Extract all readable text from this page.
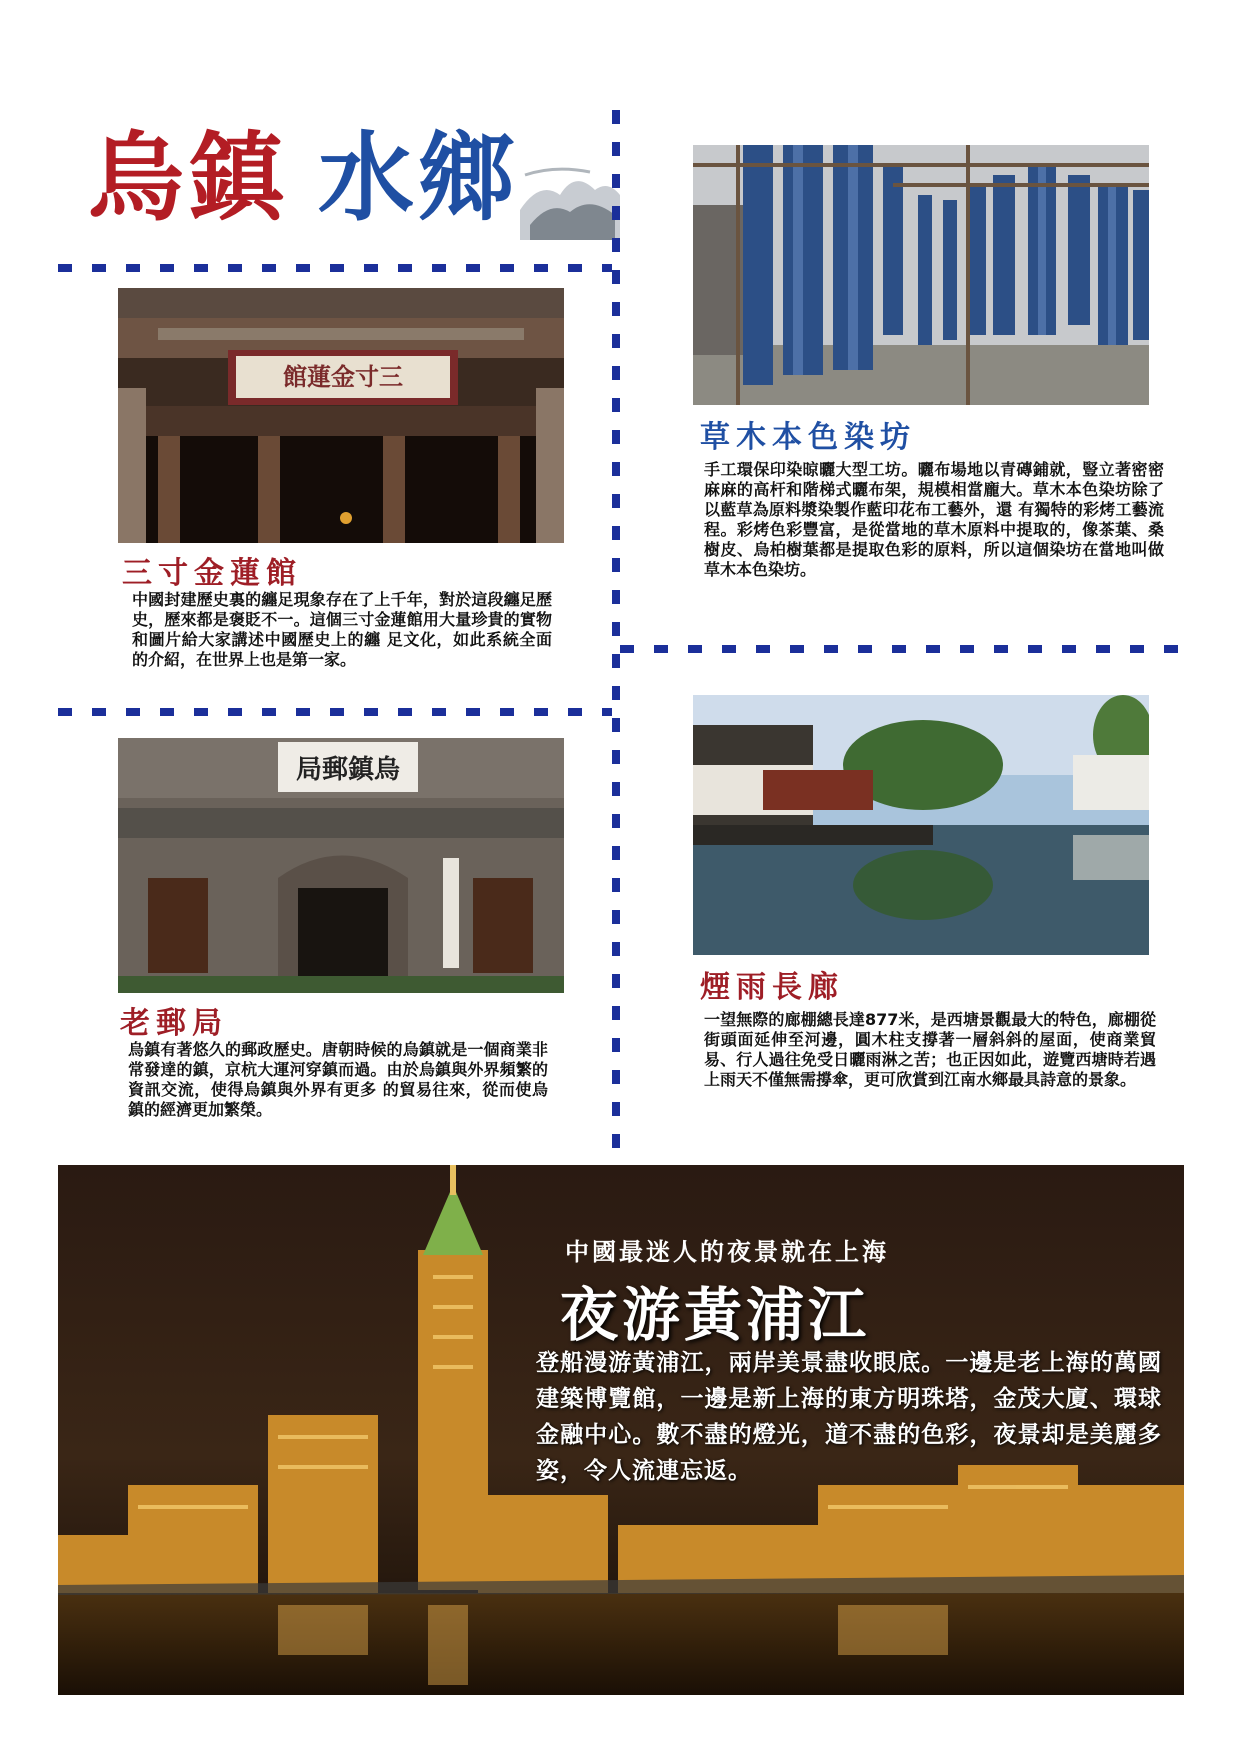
烏鎮 水鄉
館蓮金寸三
三寸金蓮館
中國封建歷史裏的纏足現象存在了上千年，對於這段纏足歷史，歷來都是褒貶不一。這個三寸金蓮館用大量珍貴的實物和圖片給大家講述中國歷史上的纏 足文化，如此系統全面的介紹，在世界上也是第一家。
草木本色染坊
手工環保印染晾曬大型工坊。曬布場地以青磚鋪就，豎立著密密麻麻的高杆和階梯式曬布架，規模相當龐大。草木本色染坊除了以藍草為原料漿染製作藍印花布工藝外，還 有獨特的彩烤工藝流程。彩烤色彩豐富，是從當地的草木原料中提取的，像茶葉、桑樹皮、烏柏樹葉都是提取色彩的原料，所以這個染坊在當地叫做草木本色染坊。
局郵鎮烏
老郵局
烏鎮有著悠久的郵政歷史。唐朝時候的烏鎮就是一個商業非常發達的鎮，京杭大運河穿鎮而過。由於烏鎮與外界頻繁的資訊交流，使得烏鎮與外界有更多 的貿易往來，從而使烏鎮的經濟更加繁榮。
煙雨長廊
一望無際的廊棚總長達877米，是西塘景觀最大的特色，廊棚從街頭面延伸至河邊，圓木柱支撐著一層斜斜的屋面，使商業貿易、行人過往免受日曬雨淋之苦；也正因如此，遊覽西塘時若遇上雨天不僅無需撐傘，更可欣賞到江南水鄉最具詩意的景象。
中國最迷人的夜景就在上海
夜游黃浦江
登船漫游黃浦江，兩岸美景盡收眼底。一邊是老上海的萬國建築博覽館，一邊是新上海的東方明珠塔，金茂大廈、環球金融中心。數不盡的燈光，道不盡的色彩，夜景却是美麗多姿，令人流連忘返。
